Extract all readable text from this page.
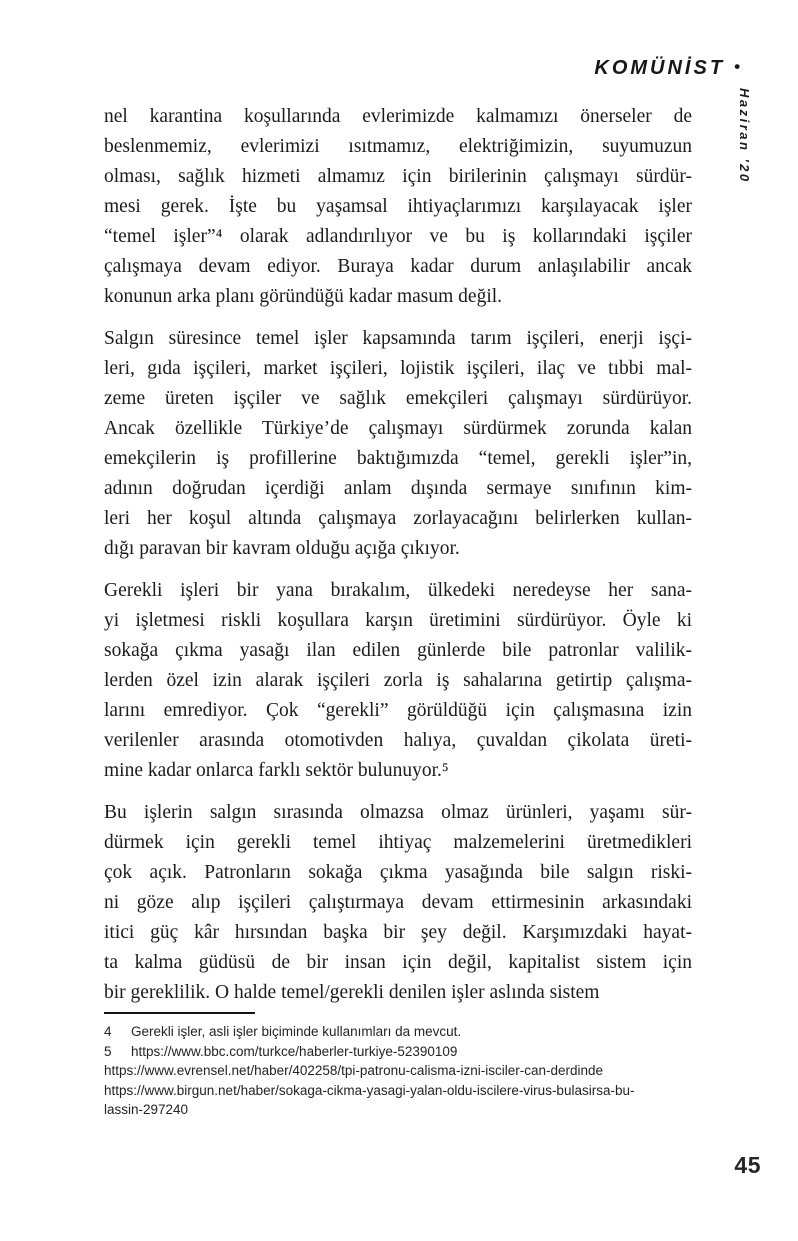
KOMÜNİST •
Haziran '20
nel karantina koşullarında evlerimizde kalmamızı önerseler de
beslenmemiz, evlerimizi ısıtmamız, elektriğimizin, suyumuzun
olması, sağlık hizmeti almamız için birilerinin çalışmayı sürdür-
mesi gerek. İşte bu yaşamsal ihtiyaçlarımızı karşılayacak işler
“temel işler”⁴ olarak adlandırılıyor ve bu iş kollarındaki işçiler
çalışmaya devam ediyor. Buraya kadar durum anlaşılabilir ancak
konunun arka planı göründüğü kadar masum değil.
Salgın süresince temel işler kapsamında tarım işçileri, enerji işçi-
leri, gıda işçileri, market işçileri, lojistik işçileri, ilaç ve tıbbi mal-
zeme üreten işçiler ve sağlık emekçileri çalışmayı sürdürüyor.
Ancak özellikle Türkiye’de çalışmayı sürdürmek zorunda kalan
emekçilerin iş profillerine baktığımızda “temel, gerekli işler”in,
adının doğrudan içerdiği anlam dışında sermaye sınıfının kim-
leri her koşul altında çalışmaya zorlayacağını belirlerken kullan-
dığı paravan bir kavram olduğu açığa çıkıyor.
Gerekli işleri bir yana bırakalım, ülkedeki neredeyse her sana-
yi işletmesi riskli koşullara karşın üretimini sürdürüyor. Öyle ki
sokağa çıkma yasağı ilan edilen günlerde bile patronlar valilik-
lerden özel izin alarak işçileri zorla iş sahalarına getirtip çalışma-
larını emrediyor. Çok “gerekli” görüldüğü için çalışmasına izin
verilenler arasında otomotivden halıya, çuvaldan çikolata üreti-
mine kadar onlarca farklı sektör bulunuyor.⁵
Bu işlerin salgın sırasında olmazsa olmaz ürünleri, yaşamı sür-
dürmek için gerekli temel ihtiyaç malzemelerini üretmedikleri
çok açık. Patronların sokağa çıkma yasağında bile salgın riski-
ni göze alıp işçileri çalıştırmaya devam ettirmesinin arkasındaki
itici güç kâr hırsından başka bir şey değil. Karşımızdaki hayat-
ta kalma güdüsü de bir insan için değil, kapitalist sistem için
bir gereklilik. O halde temel/gerekli denilen işler aslında sistem
4 Gerekli işler, asli işler biçiminde kullanımları da mevcut.
5 https://www.bbc.com/turkce/haberler-turkiye-52390109
https://www.evrensel.net/haber/402258/tpi-patronu-calisma-izni-isciler-can-derdinde
https://www.birgun.net/haber/sokaga-cikma-yasagi-yalan-oldu-iscilere-virus-bulasirsa-bu-
lassin-297240
45
